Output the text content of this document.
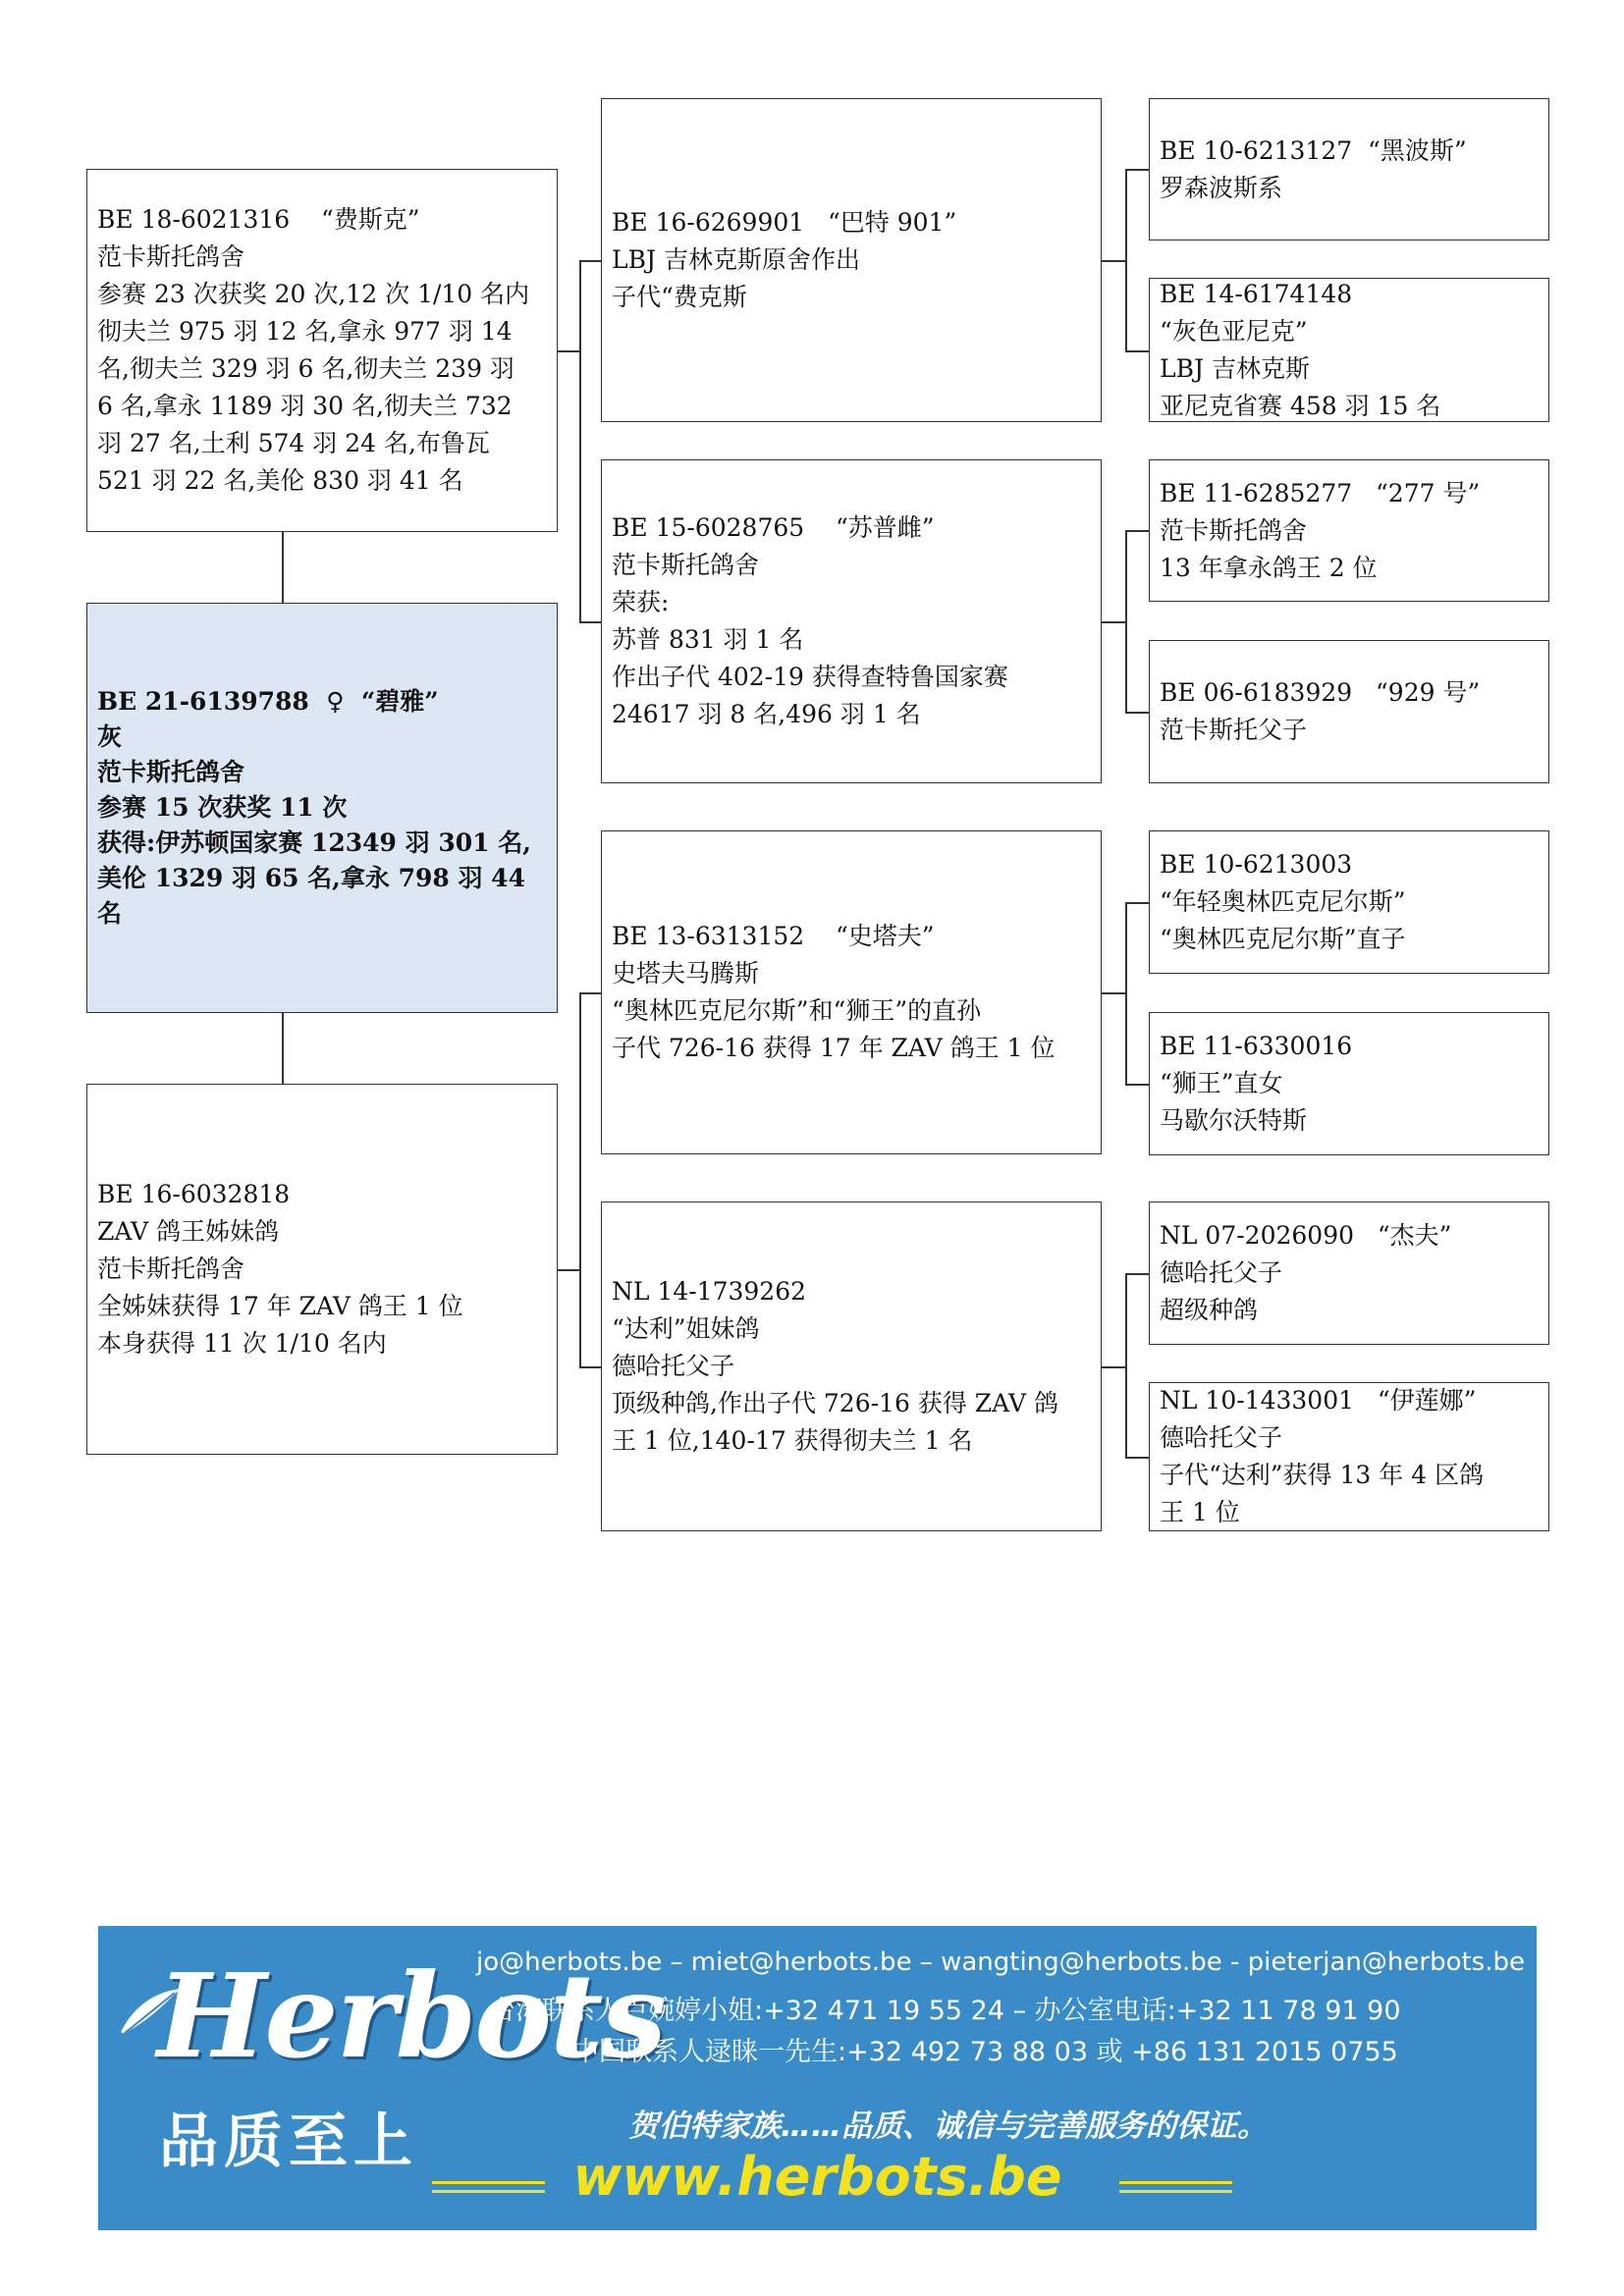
BE 18-6021316    “费斯克”
范卡斯托鸽舍
参赛 23 次获奖 20 次,12 次 1/10 名内
彻夫兰 975 羽 12 名,拿永 977 羽 14
名,彻夫兰 329 羽 6 名,彻夫兰 239 羽
6 名,拿永 1189 羽 30 名,彻夫兰 732
羽 27 名,土利 574 羽 24 名,布鲁瓦
521 羽 22 名,美伦 830 羽 41 名
BE 21-6139788  ♀  “碧雅”
灰
范卡斯托鸽舍
参赛 15 次获奖 11 次
获得:伊苏顿国家赛 12349 羽 301 名,
美伦 1329 羽 65 名,拿永 798 羽 44 名
BE 16-6032818
ZAV 鸽王姊妹鸽
范卡斯托鸽舍
全姊妹获得 17 年 ZAV 鸽王 1 位
本身获得 11 次 1/10 名内
BE 16-6269901   “巴特 901”
LBJ 吉林克斯原舍作出
子代“费克斯
BE 15-6028765    “苏普雌”
范卡斯托鸽舍
荣获:
苏普 831 羽 1 名
作出子代 402-19 获得查特鲁国家赛
24617 羽 8 名,496 羽 1 名
BE 13-6313152    “史塔夫”
史塔夫马腾斯
“奥林匹克尼尔斯”和“狮王”的直孙
子代 726-16 获得 17 年 ZAV 鸽王 1 位
NL 14-1739262
“达利”姐妹鸽
德哈托父子
顶级种鸽,作出子代 726-16 获得 ZAV 鸽
王 1 位,140-17 获得彻夫兰 1 名
BE 10-6213127  “黑波斯”
罗森波斯系
BE 14-6174148
“灰色亚尼克”
LBJ 吉林克斯
亚尼克省赛 458 羽 15 名
BE 11-6285277   “277 号”
范卡斯托鸽舍
13 年拿永鸽王 2 位
BE 06-6183929   “929 号”
范卡斯托父子
BE 10-6213003
“年轻奥林匹克尼尔斯”
“奥林匹克尼尔斯”直子
BE 11-6330016
“狮王”直女
马歇尔沃特斯
NL 07-2026090   “杰夫”
德哈托父子
超级种鸽
NL 10-1433001   “伊莲娜”
德哈托父子
子代“达利”获得 13 年 4 区鸽
王 1 位
Herbots
品质至上
jo@herbots.be – miet@herbots.be – wangting@herbots.be - pieterjan@herbots.be
台湾联系人卢婉婷小姐:+32 471 19 55 24 – 办公室电话:+32 11 78 91 90
中国联系人逯睐一先生:+32 492 73 88 03 或 +86 131 2015 0755
贺伯特家族……品质、诚信与完善服务的保证。
www.herbots.be
